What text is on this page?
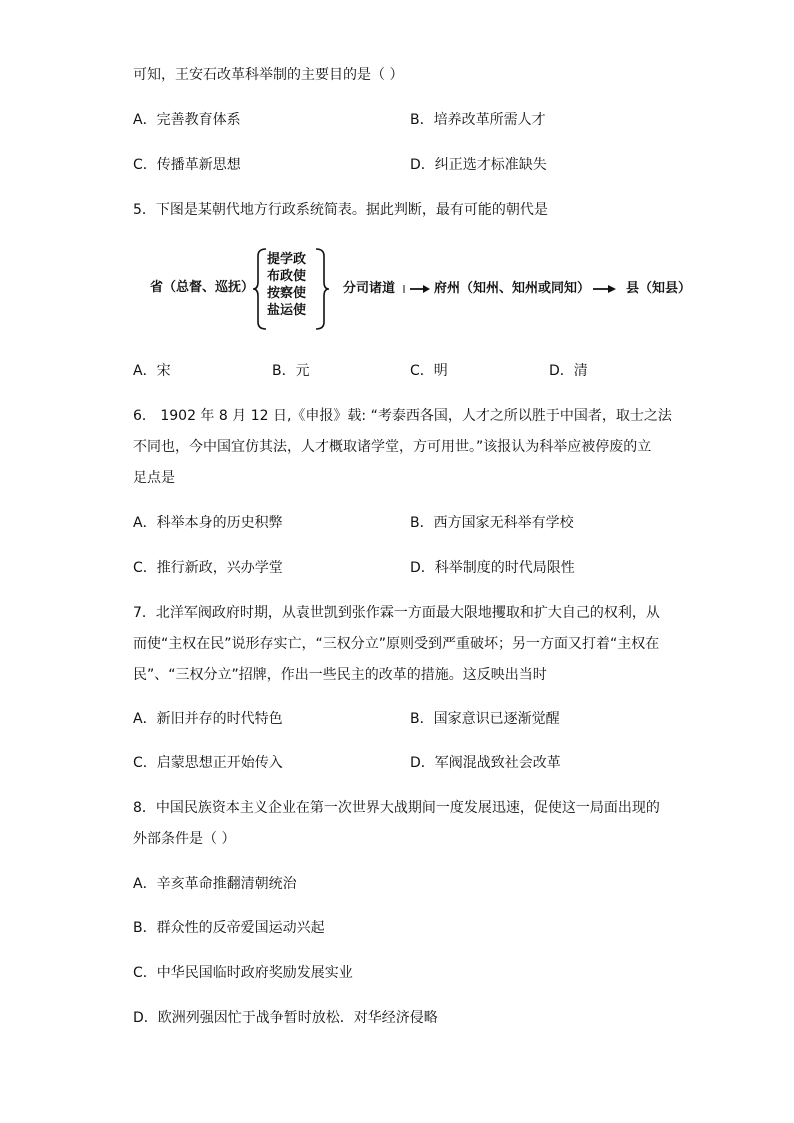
可知，王安石改革科举制的主要目的是（ ）
A．完善教育体系	B．培养改革所需人才
C．传播革新思想	D．纠正选才标准缺失
5．下图是某朝代地方行政系统简表。据此判断，最有可能的朝代是
省（总督、巡抚）
提学政
布政使
按察使
盐运使
分司诸道	府州（知州、知州或同知）	县（知县）
A．宋	B．元	C．明	D．清
6． 1902 年 8 月 12 日,《申报》载: “考泰西各国，人才之所以胜于中国者，取士之法
不同也，今中国宜仿其法，人才概取诸学堂，方可用世。”该报认为科举应被停废的立
足点是
A．科举本身的历史积弊	B．西方国家无科举有学校
C．推行新政，兴办学堂	D．科举制度的时代局限性
7．北洋军阀政府时期，从袁世凯到张作霖一方面最大限地攫取和扩大自己的权利，从
而使“主权在民”说形存实亡，“三权分立”原则受到严重破坏；另一方面又打着“主权在
民”、“三权分立”招牌，作出一些民主的改革的措施。这反映出当时
A．新旧并存的时代特色	B．国家意识已逐渐觉醒
C．启蒙思想正开始传入	D．军阀混战致社会改革
8．中国民族资本主义企业在第一次世界大战期间一度发展迅速，促使这一局面出现的
外部条件是（ ）
A．辛亥革命推翻清朝统治
B．群众性的反帝爱国运动兴起
C．中华民国临时政府奖励发展实业
D．欧洲列强因忙于战争暂时放松．对华经济侵略
